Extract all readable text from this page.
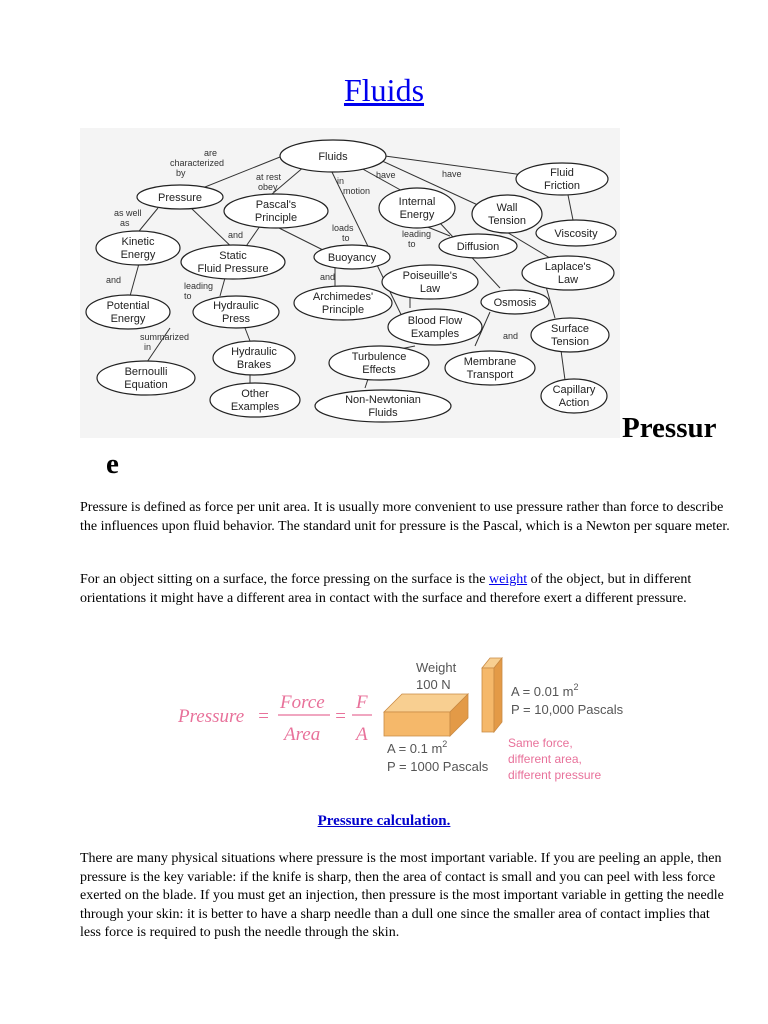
Fluids
Fluids
Pressure
Pascal's
Principle
Internal
Energy
Wall
Tension
Fluid
Friction
Viscosity
Kinetic
Energy	Static
Fluid Pressure
Buoyancy
Diffusion
Laplace's
Law
Potential
Energy
Hydraulic
Press
Archimedes'
Principle
Poiseuille's
Law
Osmosis
Blood Flow
Examples	Surface
Tension
Hydraulic
Brakes
Turbulence
Effects
Membrane
Transport
Bernoulli
Equation
Other
Examples
Non-Newtonian
Fluids
Capillary
Action
are
characterized
by	at rest
obey
in
motion
have	have
as well
as
and
loads
to	leading
to
and
leading
to
and
summarized
in
and
Pressur
e

Pressure is defined as force per unit area. It is usually more convenient to use pressure rather than force to describe the influences upon fluid behavior. The standard unit for pressure is the Pascal, which is a Newton per square meter.

For an object sitting on a surface, the force pressing on the surface is the weight of the object, but in different orientations it might have a different area in contact with the surface and therefore exert a different pressure.

Pressure =
Force
Area
=
F
A
Weight
100 N	A = 0.01 $m^2$
P = 10,000 Pascals
A = 0.1 $m^2$
P = 1000 Pascals
Same force,
different area,
different pressure

Pressure calculation.

There are many physical situations where pressure is the most important variable. If you are peeling an apple, then pressure is the key variable: if the knife is sharp, then the area of contact is small and you can peel with less force exerted on the blade. If you must get an injection, then pressure is the most important variable in getting the needle through your skin: it is better to have a sharp needle than a dull one since the smaller area of contact implies that less force is required to push the needle through the skin.
